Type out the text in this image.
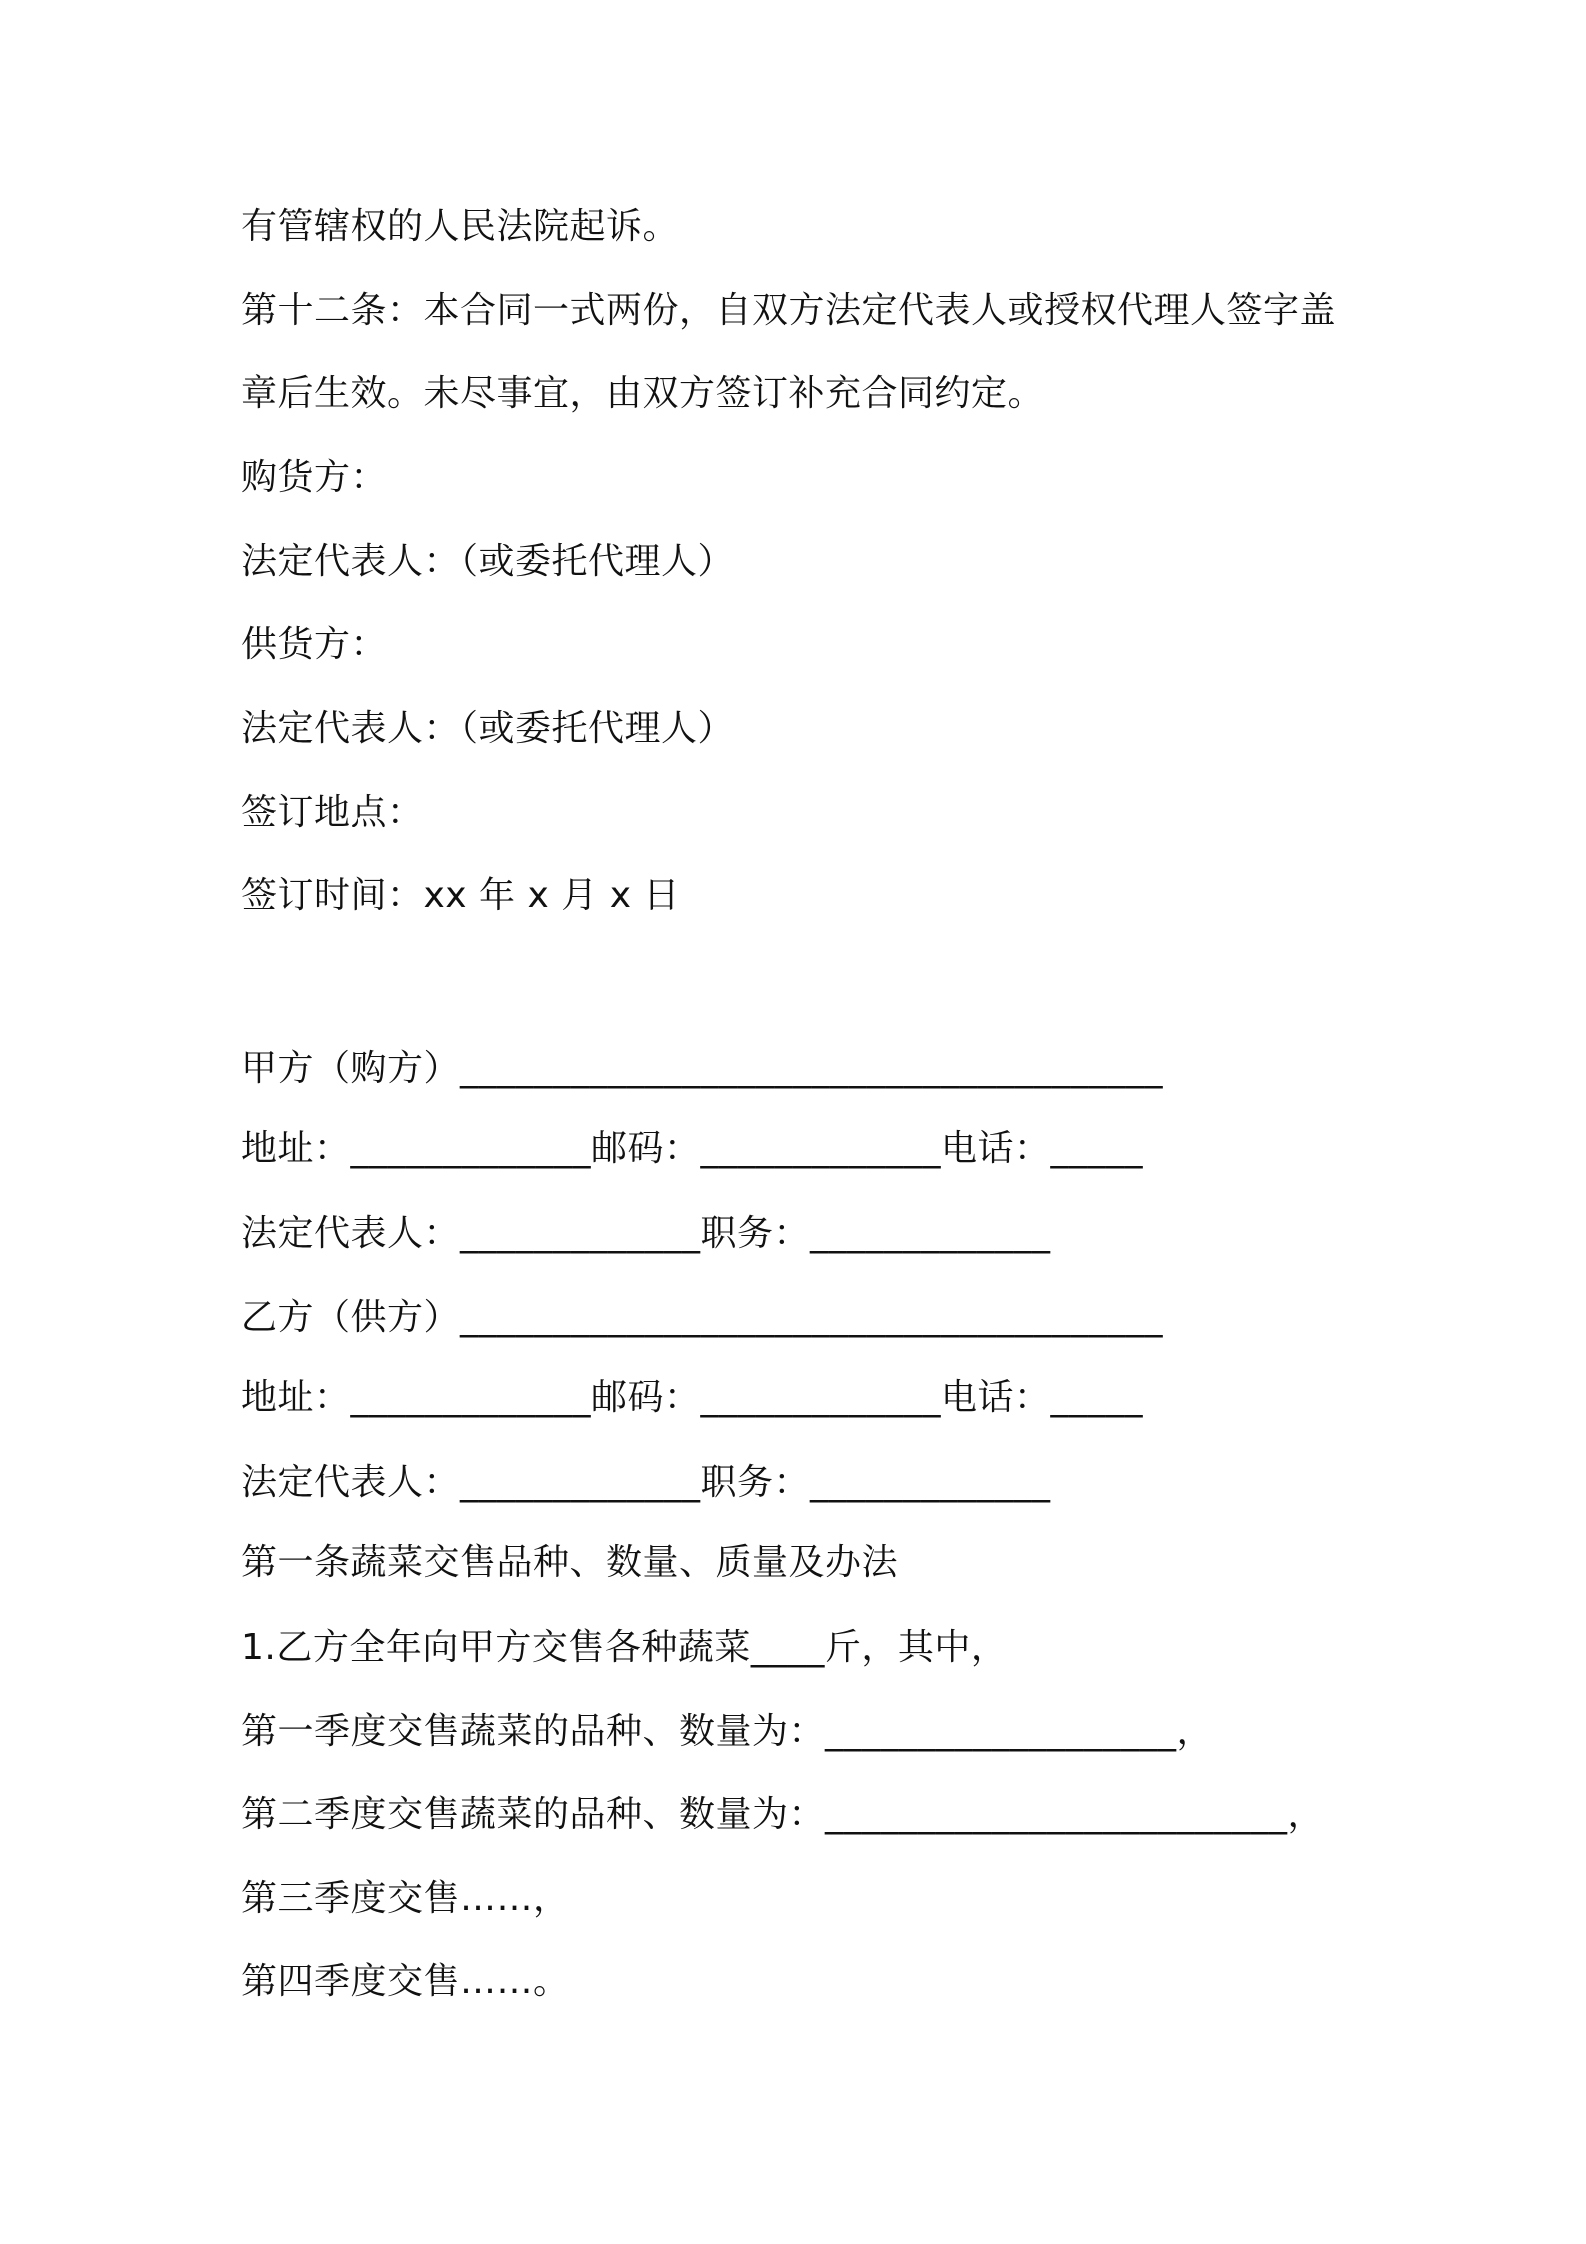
有管辖权的人民法院起诉。
第十二条：本合同一式两份，自双方法定代表人或授权代理人签字盖
章后生效。未尽事宜，由双方签订补充合同约定。
购货方：
法定代表人：（或委托代理人）
供货方：
法定代表人：（或委托代理人）
签订地点：
签订时间：xx 年 x 月 x 日
甲方（购方）______________________________________
地址：_____________邮码：_____________电话：_____
法定代表人：_____________职务：_____________
乙方（供方）______________________________________
地址：_____________邮码：_____________电话：_____
法定代表人：_____________职务：_____________
第一条蔬菜交售品种、数量、质量及办法
1.乙方全年向甲方交售各种蔬菜____斤，其中，
第一季度交售蔬菜的品种、数量为：___________________，
第二季度交售蔬菜的品种、数量为：_________________________，
第三季度交售……，
第四季度交售……。
